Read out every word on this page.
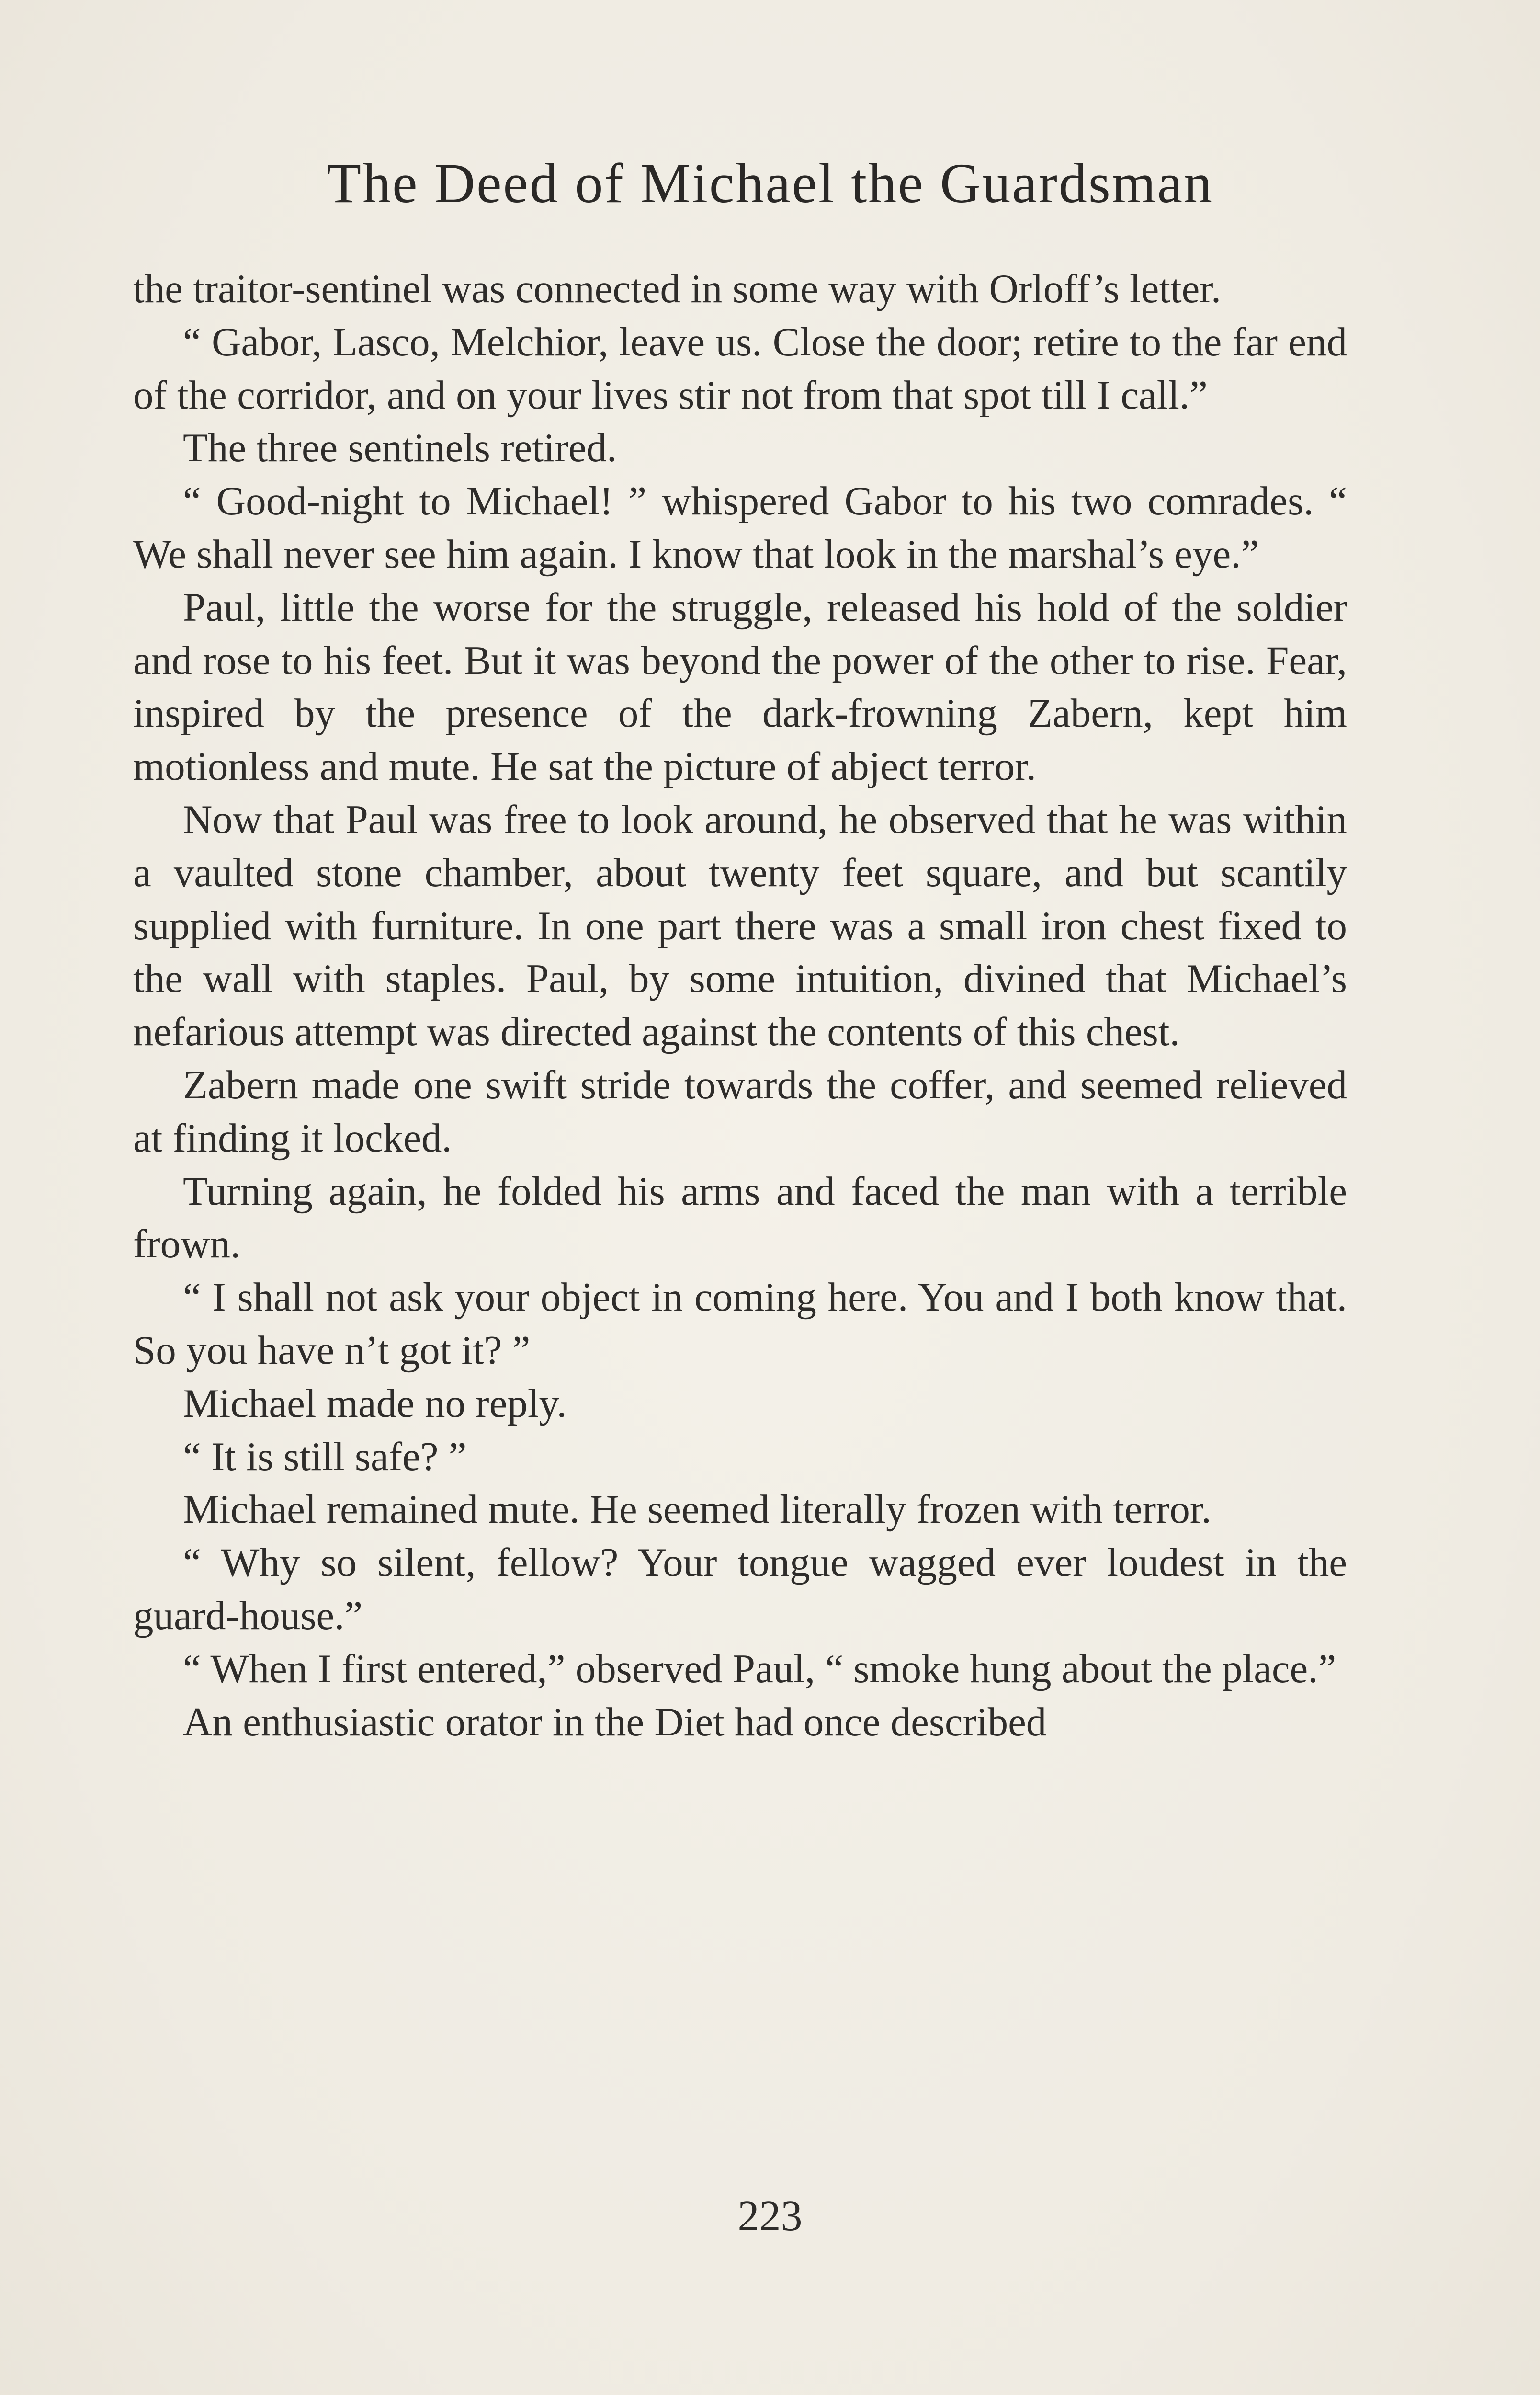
The Deed of Michael the Guardsman

the traitor-sentinel was connected in some way with Orloff’s letter.

“ Gabor, Lasco, Melchior, leave us. Close the door; retire to the far end of the corridor, and on your lives stir not from that spot till I call.”

The three sentinels retired.

“ Good-night to Michael! ” whispered Gabor to his two comrades. “ We shall never see him again. I know that look in the marshal’s eye.”

Paul, little the worse for the struggle, released his hold of the soldier and rose to his feet. But it was beyond the power of the other to rise. Fear, inspired by the presence of the dark-frowning Zabern, kept him motionless and mute. He sat the picture of abject terror.

Now that Paul was free to look around, he observed that he was within a vaulted stone chamber, about twenty feet square, and but scantily supplied with furniture. In one part there was a small iron chest fixed to the wall with staples. Paul, by some intuition, divined that Michael’s nefarious attempt was directed against the contents of this chest.

Zabern made one swift stride towards the coffer, and seemed relieved at finding it locked.

Turning again, he folded his arms and faced the man with a terrible frown.

“ I shall not ask your object in coming here. You and I both know that. So you have n’t got it? ”

Michael made no reply.

“ It is still safe? ”

Michael remained mute. He seemed literally frozen with terror.

“ Why so silent, fellow? Your tongue wagged ever loudest in the guard-house.”

“ When I first entered,” observed Paul, “ smoke hung about the place.”

An enthusiastic orator in the Diet had once described

223
